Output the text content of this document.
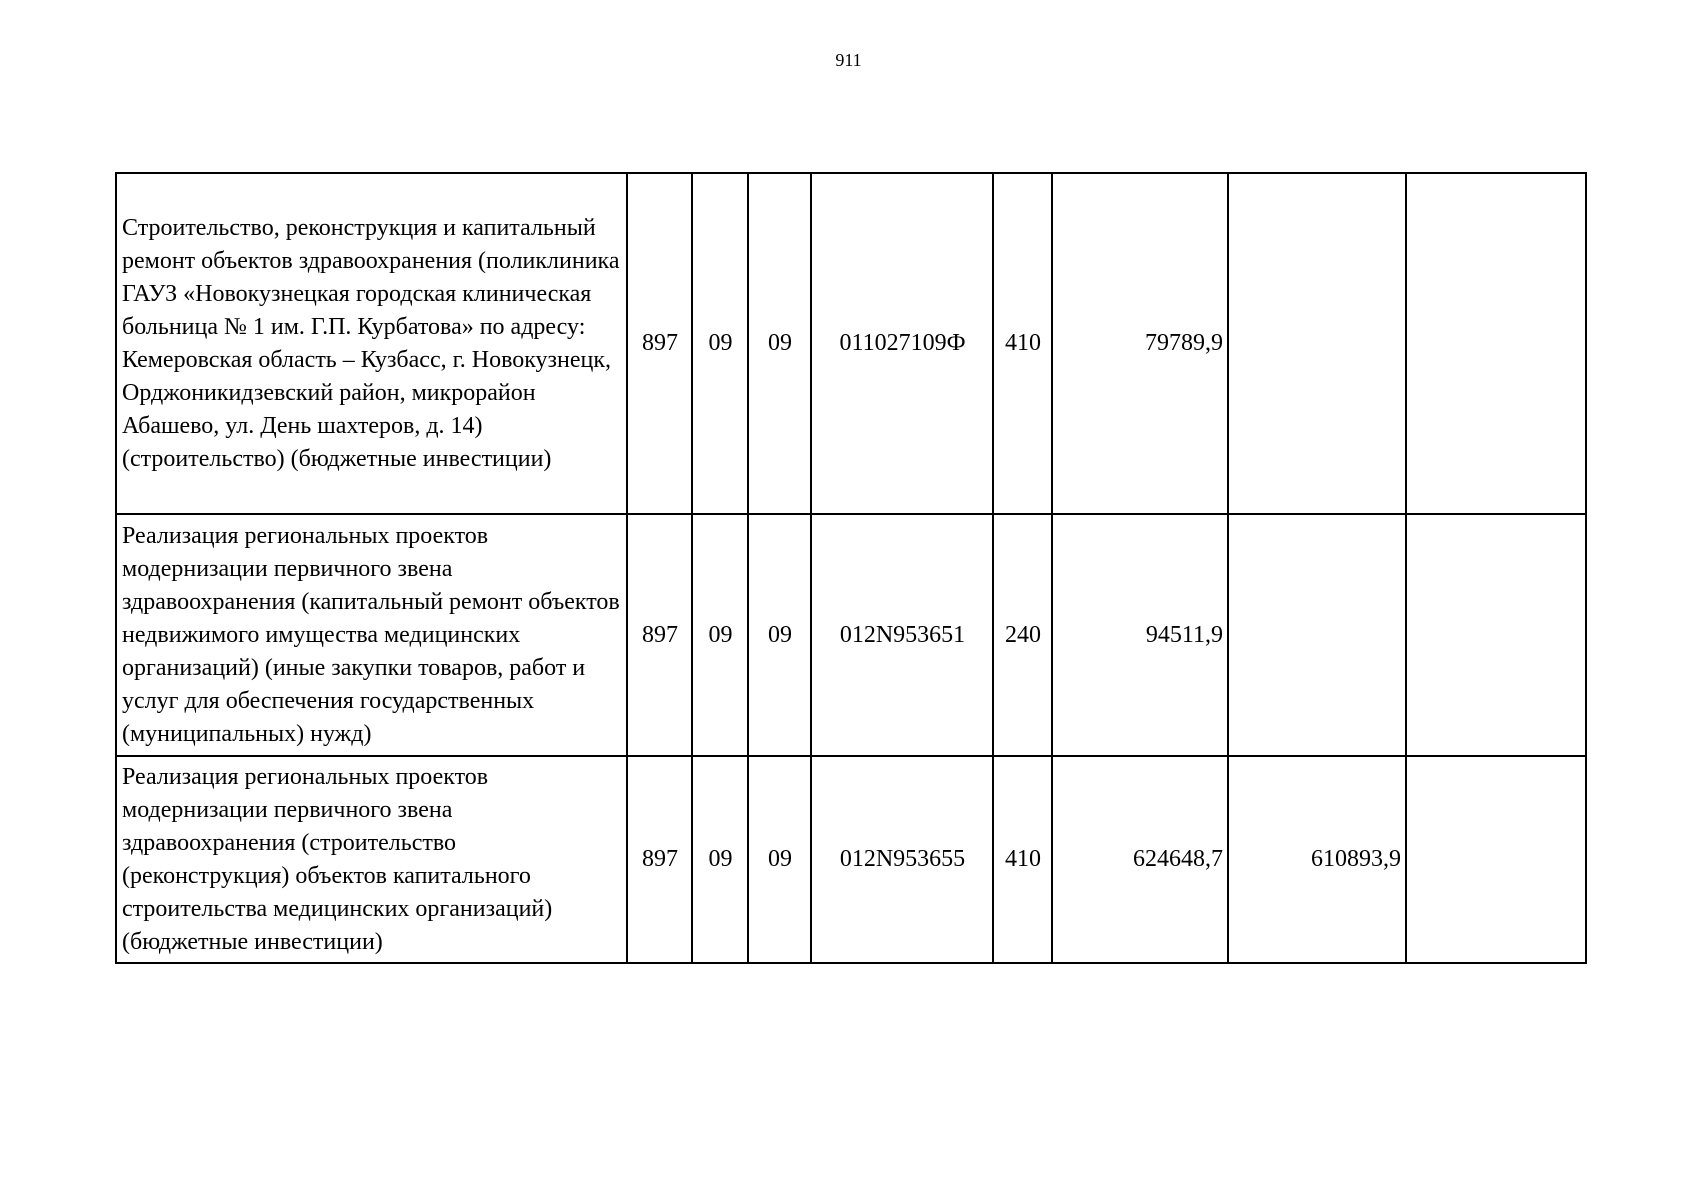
911
Строительство, реконструкция и капитальный ремонт объектов здравоохранения (поликлиника ГАУЗ «Новокузнецкая городская клиническая больница № 1 им. Г.П. Курбатова» по адресу: Кемеровская область – Кузбасс, г. Новокузнецк, Орджоникидзевский район, микрорайон Абашево, ул. День шахтеров, д. 14) (строительство) (бюджетные инвестиции)	897	09	09	011027109Ф	410	79789,9		
Реализация региональных проектов модернизации первичного звена здравоохранения (капитальный ремонт объектов недвижимого имущества медицинских организаций) (иные закупки товаров, работ и услуг для обеспечения государственных (муниципальных) нужд)	897	09	09	012N953651	240	94511,9		
Реализация региональных проектов модернизации первичного звена здравоохранения (строительство (реконструкция) объектов капитального строительства медицинских организаций) (бюджетные инвестиции)	897	09	09	012N953655	410	624648,7	610893,9	
